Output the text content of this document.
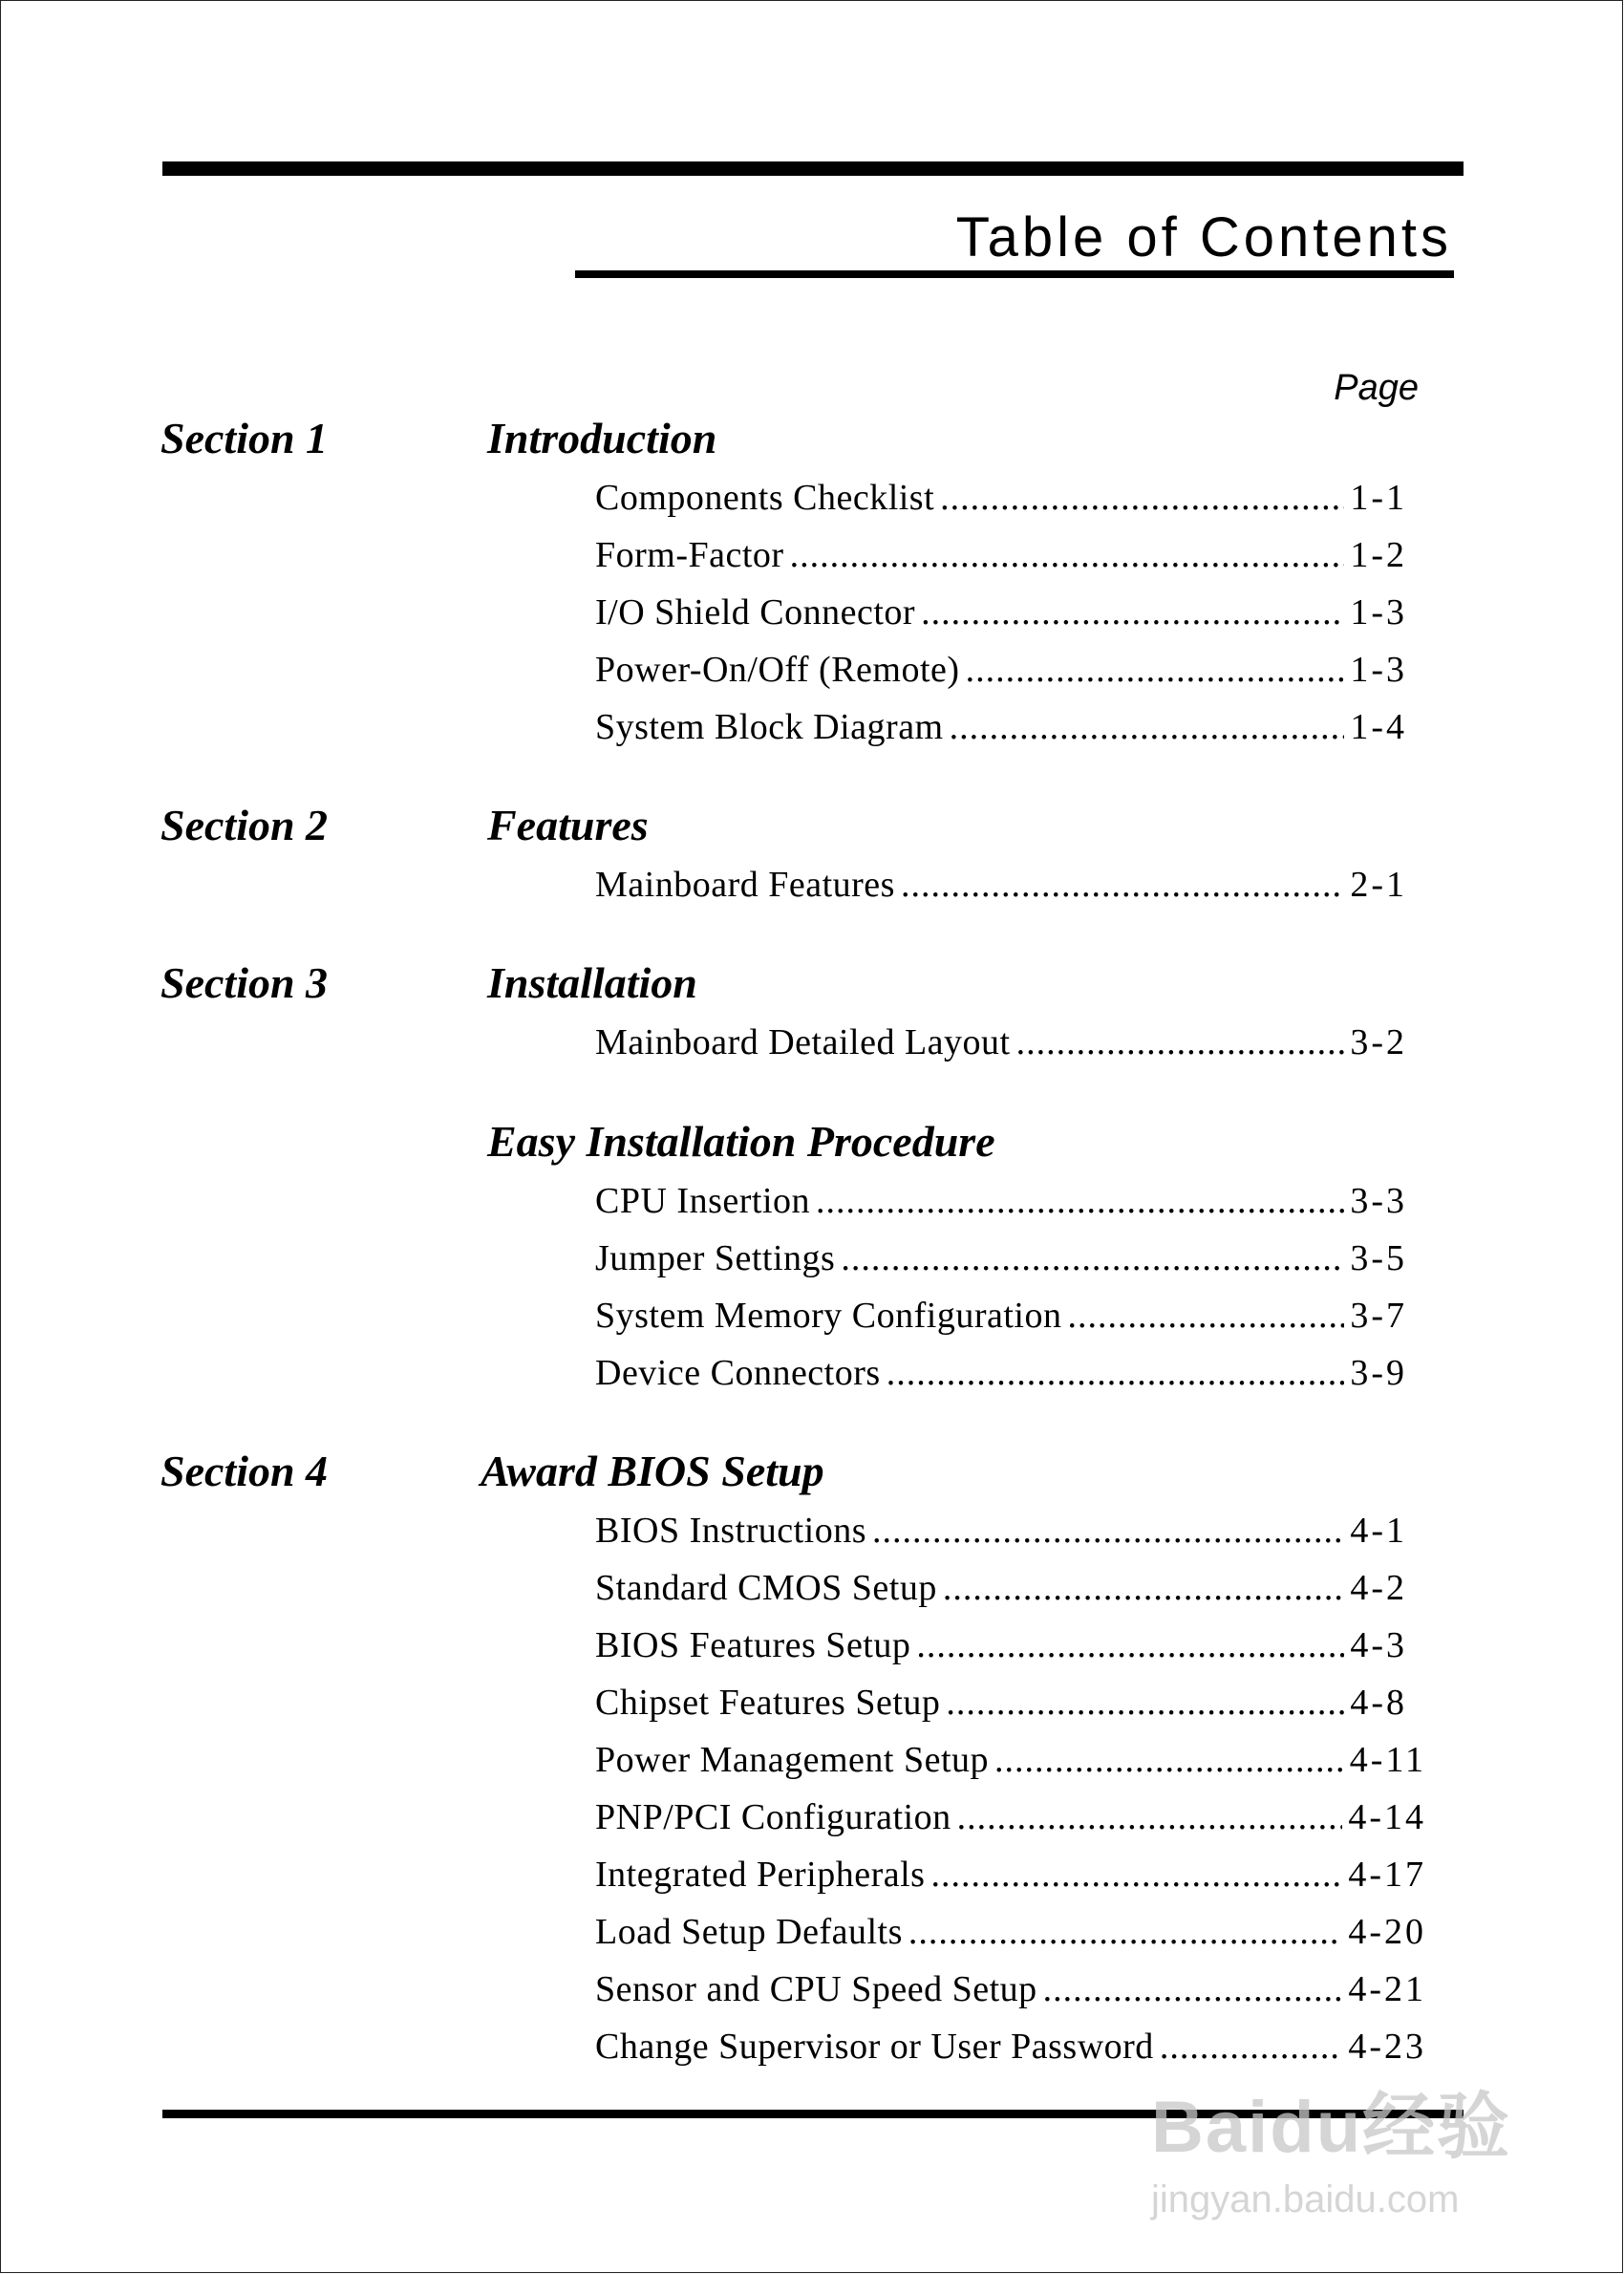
Table of Contents
Page
Section 1	Introduction
Components Checklist .....	1-1
Form-Factor .....	1-2
I/O Shield Connector .....	1-3
Power-On/Off (Remote) .....	1-3
System Block Diagram .....	1-4
Section 2	Features
Mainboard Features .....	2-1
Section 3	Installation
Mainboard Detailed Layout .....	3-2
Easy Installation Procedure
CPU Insertion .....	3-3
Jumper Settings .....	3-5
System Memory Configuration .....	3-7
Device Connectors .....	3-9
Section 4	Award BIOS Setup
BIOS Instructions .....	4-1
Standard CMOS Setup .....	4-2
BIOS Features Setup .....	4-3
Chipset Features Setup .....	4-8
Power Management Setup .....	4-11
PNP/PCI Configuration .....	4-14
Integrated Peripherals .....	4-17
Load Setup Defaults .....	4-20
Sensor and CPU Speed Setup .....	4-21
Change Supervisor or User Password .....	4-23
Baidu经验
jingyan.baidu.com
